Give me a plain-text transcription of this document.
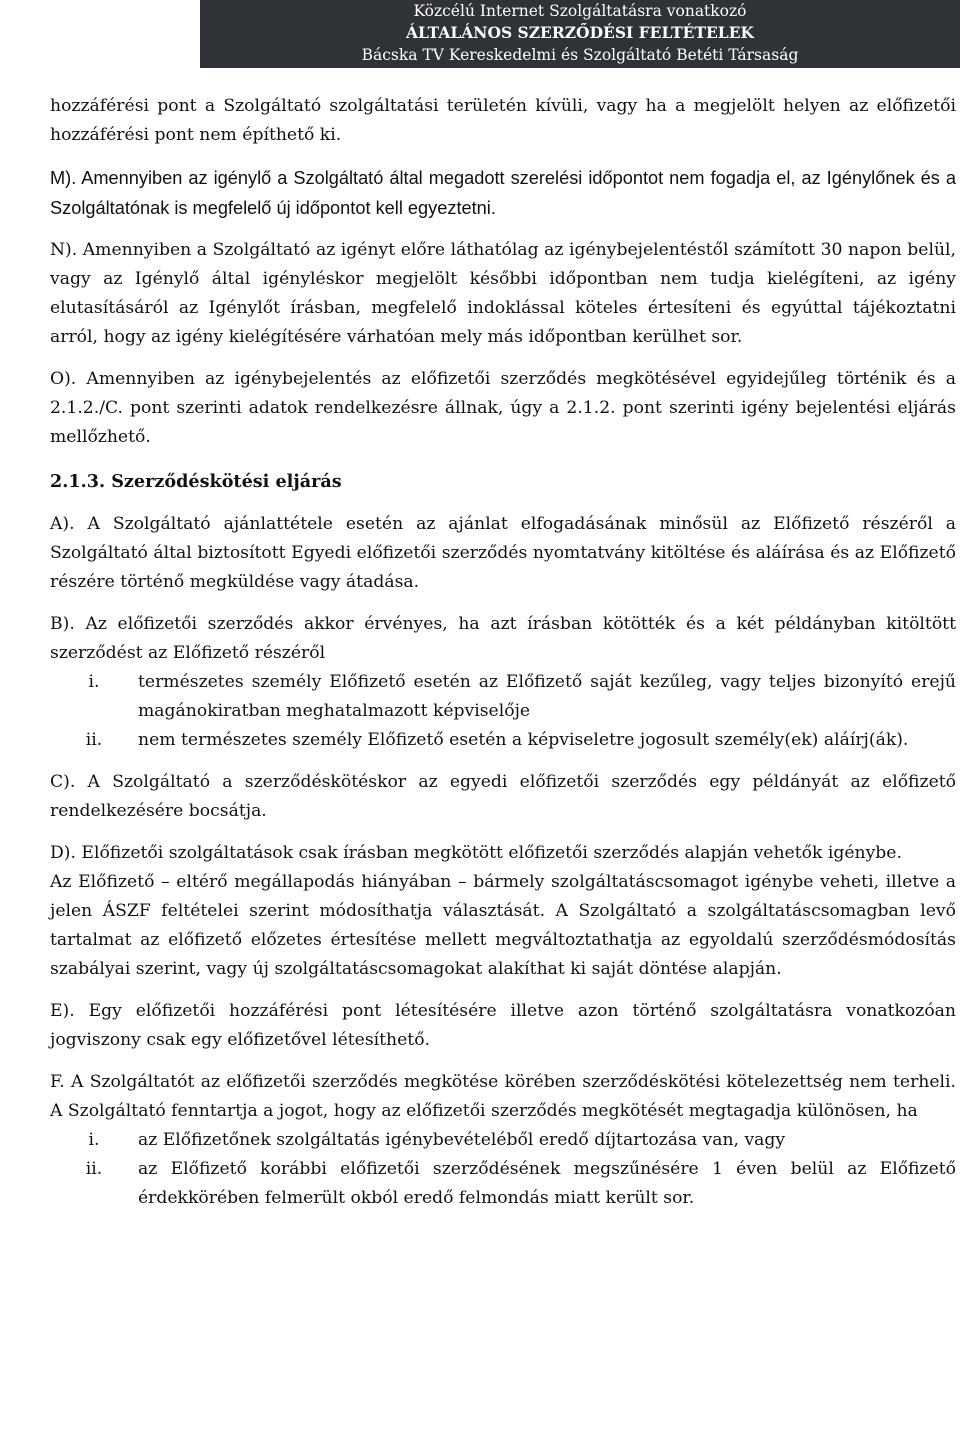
Közcélú Internet Szolgáltatásra vonatkozó
ÁLTALÁNOS SZERZŐDÉSI FELTÉTELEK
Bácska TV Kereskedelmi és Szolgáltató Betéti Társaság

hozzáférési pont a Szolgáltató szolgáltatási területén kívüli, vagy ha a megjelölt helyen az előfizetői hozzáférési pont nem építhető ki.

M). Amennyiben az igénylő a Szolgáltató által megadott szerelési időpontot nem fogadja el, az Igénylőnek és a Szolgáltatónak is megfelelő új időpontot kell egyeztetni.

N). Amennyiben a Szolgáltató az igényt előre láthatólag az igénybejelentéstől számított 30 napon belül, vagy az Igénylő által igényléskor megjelölt későbbi időpontban nem tudja kielégíteni, az igény elutasításáról az Igénylőt írásban, megfelelő indoklással köteles értesíteni és egyúttal tájékoztatni arról, hogy az igény kielégítésére várhatóan mely más időpontban kerülhet sor.

O). Amennyiben az igénybejelentés az előfizetői szerződés megkötésével egyidejűleg történik és a 2.1.2./C. pont szerinti adatok rendelkezésre állnak, úgy a 2.1.2. pont szerinti igény bejelentési eljárás mellőzhető.

2.1.3. Szerződéskötési eljárás

A). A Szolgáltató ajánlattétele esetén az ajánlat elfogadásának minősül az Előfizető részéről a Szolgáltató által biztosított Egyedi előfizetői szerződés nyomtatvány kitöltése és aláírása és az Előfizető részére történő megküldése vagy átadása.

B). Az előfizetői szerződés akkor érvényes, ha azt írásban kötötték és a két példányban kitöltött szerződést az Előfizető részéről

i.	természetes személy Előfizető esetén az Előfizető saját kezűleg, vagy teljes bizonyító erejű magánokiratban meghatalmazott képviselője
ii.	nem természetes személy Előfizető esetén a képviseletre jogosult személy(ek) aláírj(ák).

C). A Szolgáltató a szerződéskötéskor az egyedi előfizetői szerződés egy példányát az előfizető rendelkezésére bocsátja.

D). Előfizetői szolgáltatások csak írásban megkötött előfizetői szerződés alapján vehetők igénybe.

Az Előfizető – eltérő megállapodás hiányában – bármely szolgáltatáscsomagot igénybe veheti, illetve a jelen ÁSZF feltételei szerint módosíthatja választását. A Szolgáltató a szolgáltatáscsomagban levő tartalmat az előfizető előzetes értesítése mellett megváltoztathatja az egyoldalú szerződésmódosítás szabályai szerint, vagy új szolgáltatáscsomagokat alakíthat ki saját döntése alapján.

E). Egy előfizetői hozzáférési pont létesítésére illetve azon történő szolgáltatásra vonatkozóan jogviszony csak egy előfizetővel létesíthető.

F. A Szolgáltatót az előfizetői szerződés megkötése körében szerződéskötési kötelezettség nem terheli. A Szolgáltató fenntartja a jogot, hogy az előfizetői szerződés megkötését megtagadja különösen, ha

i.	az Előfizetőnek szolgáltatás igénybevételéből eredő díjtartozása van, vagy
ii.	az Előfizető korábbi előfizetői szerződésének megszűnésére 1 éven belül az Előfizető érdekkörében felmerült okból eredő felmondás miatt került sor.
